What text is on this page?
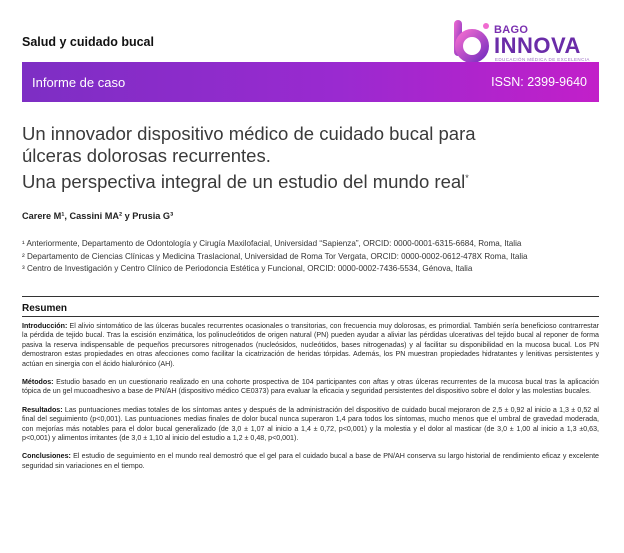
Salud y cuidado bucal
BAGO
INNOVA
EDUCACIÓN MÉDICA DE EXCELENCIA
Informe de caso	ISSN: 2399-9640
Un innovador dispositivo médico de cuidado bucal para
úlceras dolorosas recurrentes.
Una perspectiva integral de un estudio del mundo real*
Carere M¹, Cassini MA² y Prusia G³
¹ Anteriormente, Departamento de Odontología y Cirugía Maxilofacial, Universidad “Sapienza”, ORCID: 0000-0001-6315-6684, Roma, Italia
² Departamento de Ciencias Clínicas y Medicina Traslacional, Universidad de Roma Tor Vergata, ORCID: 0000-0002-0612-478X Roma, Italia
³ Centro de Investigación y Centro Clínico de Periodoncia Estética y Funcional, ORCID: 0000-0002-7436-5534, Génova, Italia
Resumen

Introducción: El alivio sintomático de las úlceras bucales recurrentes ocasionales o transitorias, con frecuencia muy dolorosas, es primordial. También sería beneficioso contrarrestar la pérdida de tejido bucal. Tras la escisión enzimática, los polinucleótidos de origen natural (PN) pueden ayudar a aliviar las pérdidas ulcerativas del tejido bucal al reponer de forma pasiva la reserva indispensable de pequeños precursores nitrogenados (nucleósidos, nucleótidos, bases nitrogenadas) y al facilitar su disponibilidad en la mucosa bucal. Los PN demostraron estas propiedades en otras afecciones como facilitar la cicatrización de heridas tórpidas. Además, los PN muestran propiedades hidratantes y lenitivas persistentes y actúan en sinergia con el ácido hialurónico (AH).

Métodos: Estudio basado en un cuestionario realizado en una cohorte prospectiva de 104 participantes con aftas y otras úlceras recurrentes de la mucosa bucal tras la aplicación tópica de un gel mucoadhesivo a base de PN/AH (dispositivo médico CE0373) para evaluar la eficacia y seguridad persistentes del dispositivo sobre el dolor y las molestias bucales.

Resultados: Las puntuaciones medias totales de los síntomas antes y después de la administración del dispositivo de cuidado bucal mejoraron de 2,5 ± 0,92 al inicio a 1,3 ± 0,52 al final del seguimiento (p<0,001). Las puntuaciones medias finales de dolor bucal nunca superaron 1,4 para todos los síntomas, mucho menos que el umbral de gravedad moderada, con mejorías más notables para el dolor bucal generalizado (de 3,0 ± 1,07 al inicio a 1,4 ± 0,72, p<0,001) y la molestia y el dolor al masticar (de 3,0 ± 1,00 al inicio a 1,3 ±0,63, p<0,001) y alimentos irritantes (de 3,0 ± 1,10 al inicio del estudio a 1,2 ± 0,48, p<0,001).

Conclusiones: El estudio de seguimiento en el mundo real demostró que el gel para el cuidado bucal a base de PN/AH conserva su largo historial de rendimiento eficaz y excelente seguridad sin variaciones en el tiempo.
